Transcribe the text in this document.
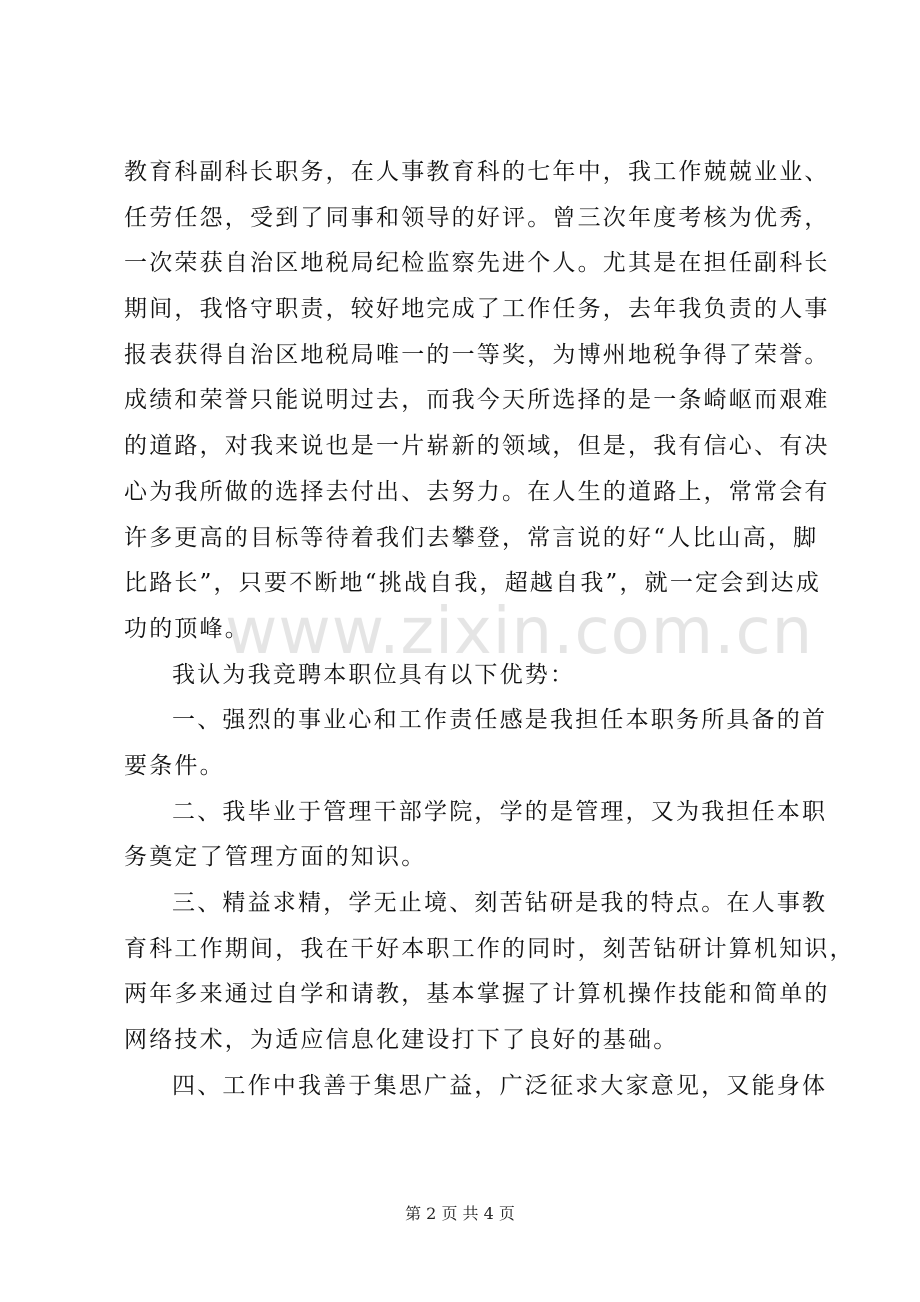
教育科副科长职务，在人事教育科的七年中，我工作兢兢业业、
任劳任怨，受到了同事和领导的好评。曾三次年度考核为优秀，
一次荣获自治区地税局纪检监察先进个人。尤其是在担任副科长
期间，我恪守职责，较好地完成了工作任务，去年我负责的人事
报表获得自治区地税局唯一的一等奖，为博州地税争得了荣誉。
成绩和荣誉只能说明过去，而我今天所选择的是一条崎岖而艰难
的道路，对我来说也是一片崭新的领域，但是，我有信心、有决
心为我所做的选择去付出、去努力。在人生的道路上，常常会有
许多更高的目标等待着我们去攀登，常言说的好“人比山高，脚
比路长”，只要不断地“挑战自我，超越自我”，就一定会到达成
功的顶峰。
我认为我竞聘本职位具有以下优势：
一、强烈的事业心和工作责任感是我担任本职务所具备的首
要条件。
二、我毕业于管理干部学院，学的是管理，又为我担任本职
务奠定了管理方面的知识。
三、精益求精，学无止境、刻苦钻研是我的特点。在人事教
育科工作期间，我在干好本职工作的同时，刻苦钻研计算机知识，
两年多来通过自学和请教，基本掌握了计算机操作技能和简单的
网络技术，为适应信息化建设打下了良好的基础。
四、工作中我善于集思广益，广泛征求大家意见，又能身体
www.zixin.com.cn
第 2 页 共 4 页
